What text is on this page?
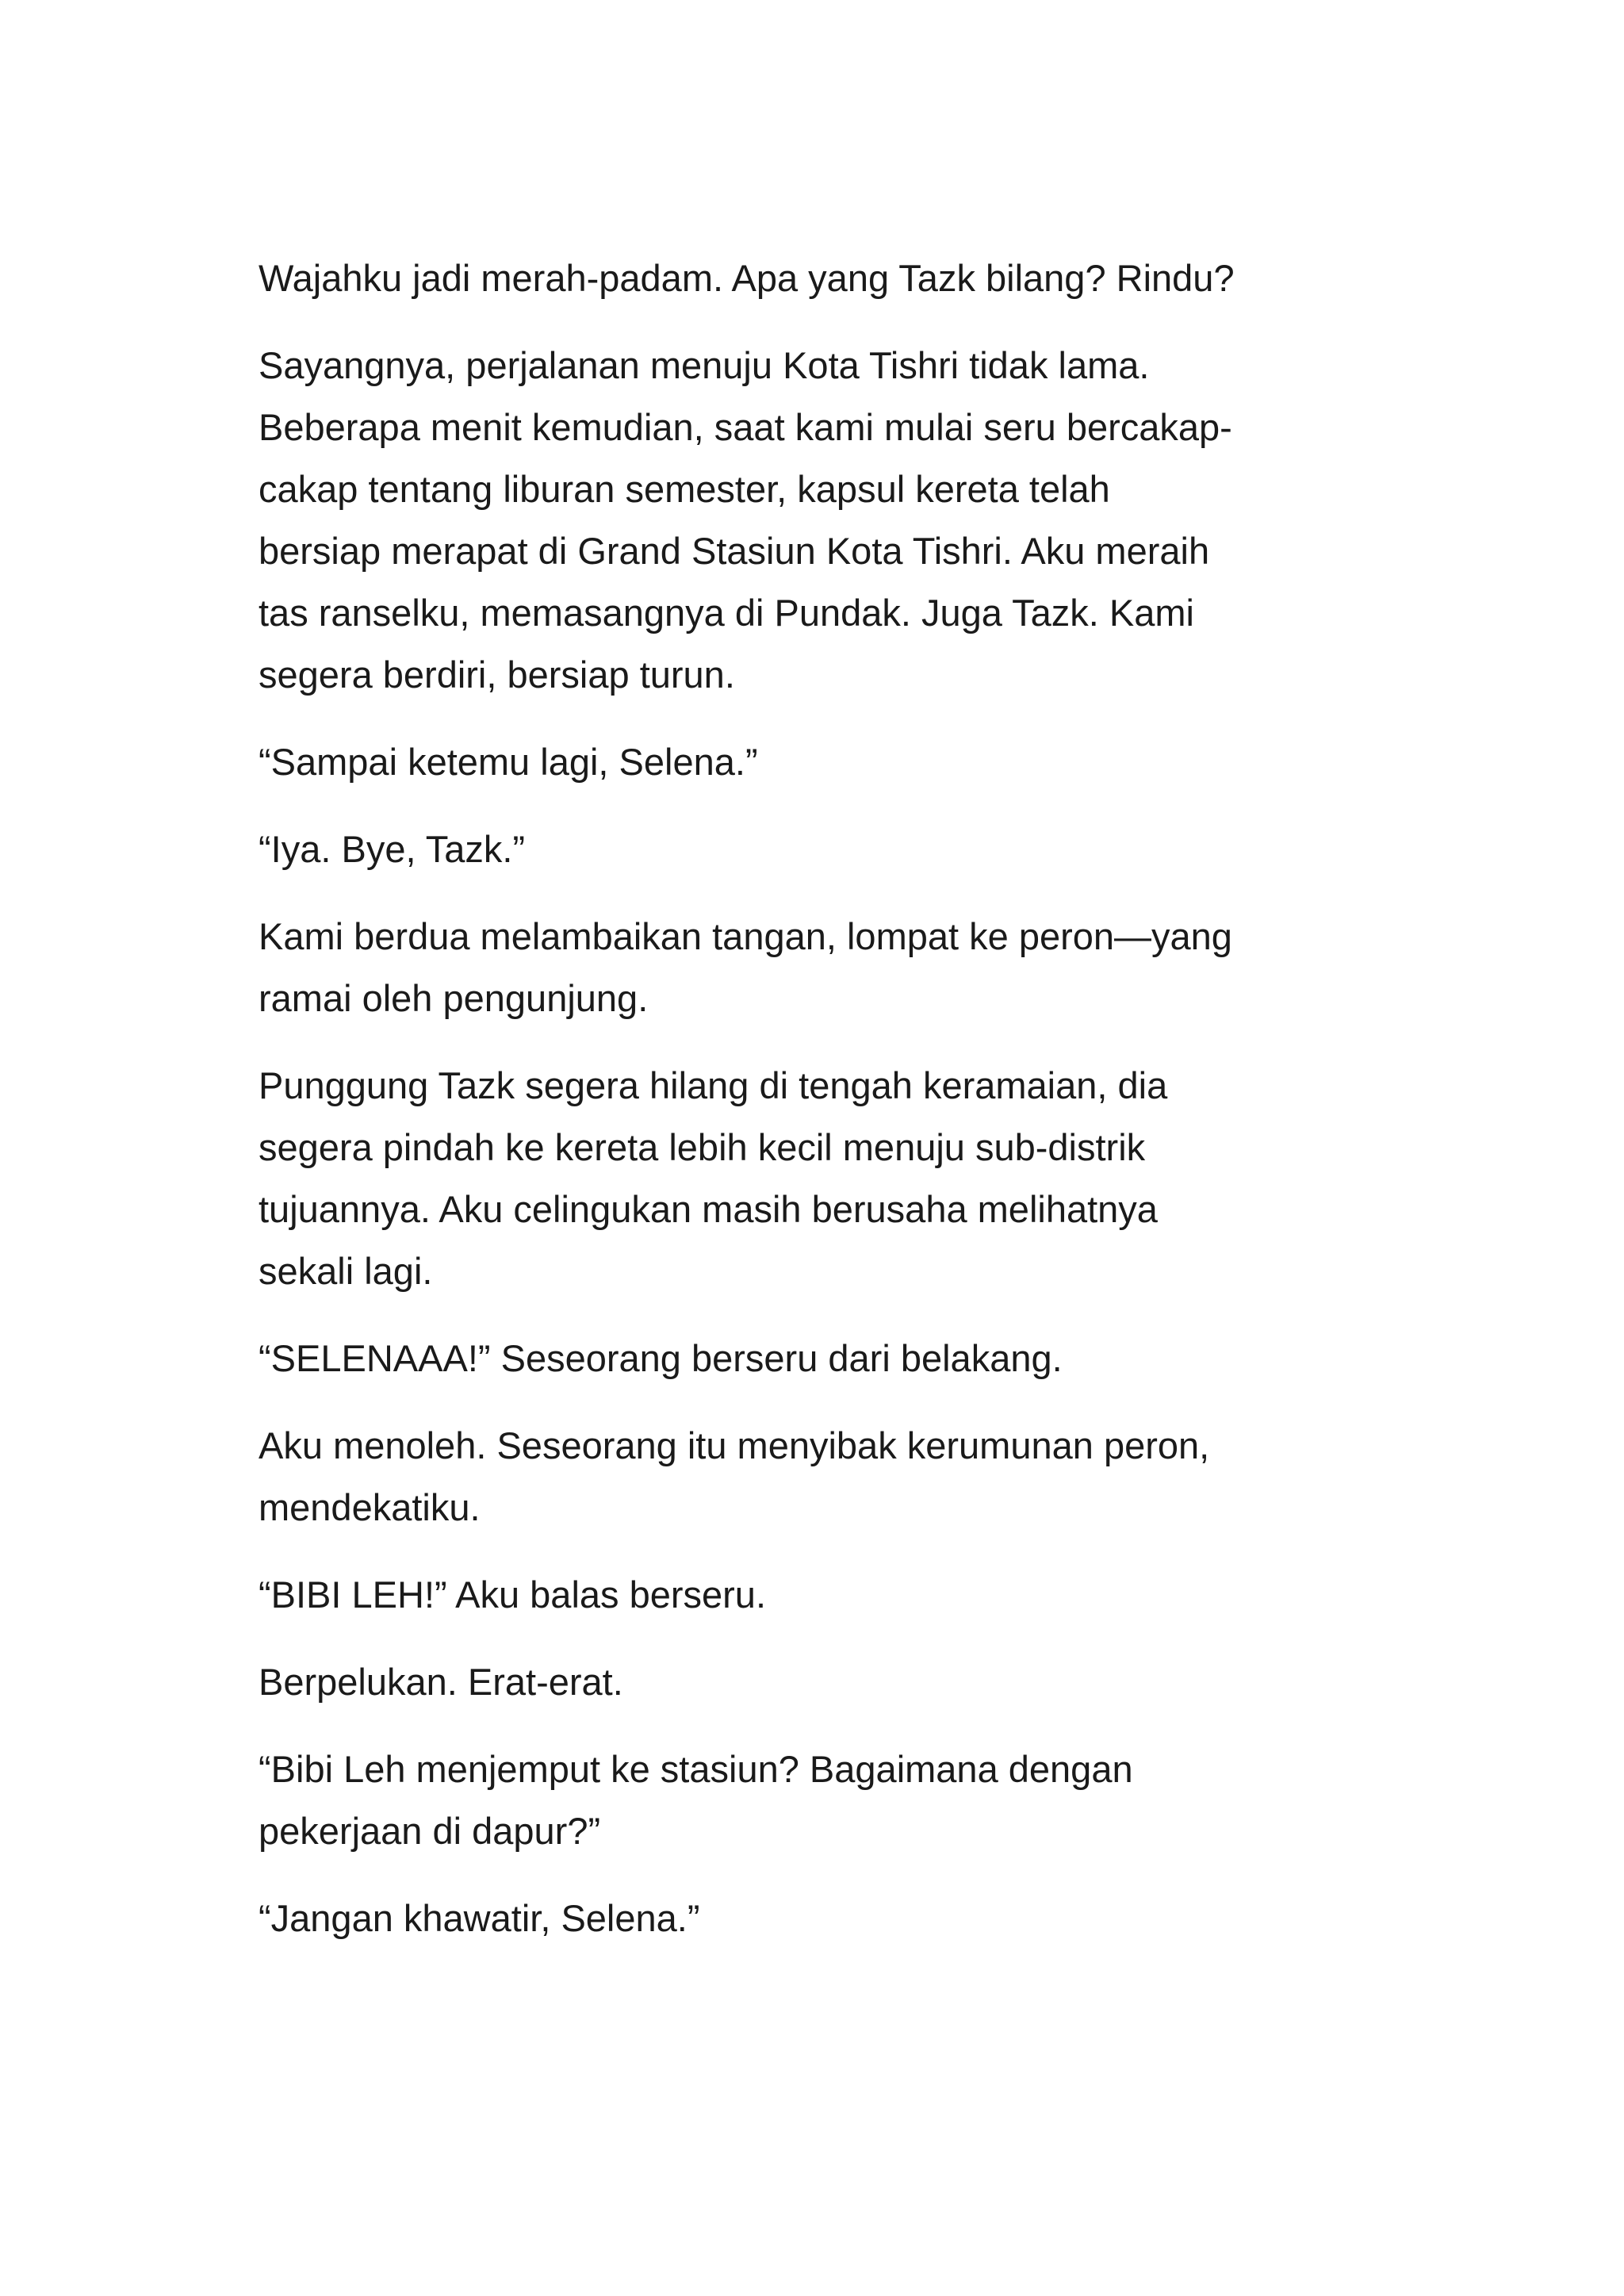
Wajahku jadi merah-padam. Apa yang Tazk bilang? Rindu?

Sayangnya, perjalanan menuju Kota Tishri tidak lama.
Beberapa menit kemudian, saat kami mulai seru bercakap-
cakap tentang liburan semester, kapsul kereta telah
bersiap merapat di Grand Stasiun Kota Tishri. Aku meraih
tas ranselku, memasangnya di Pundak. Juga Tazk. Kami
segera berdiri, bersiap turun.

“Sampai ketemu lagi, Selena.”

“Iya. Bye, Tazk.”

Kami berdua melambaikan tangan, lompat ke peron—yang
ramai oleh pengunjung.

Punggung Tazk segera hilang di tengah keramaian, dia
segera pindah ke kereta lebih kecil menuju sub-distrik
tujuannya. Aku celingukan masih berusaha melihatnya
sekali lagi.

“SELENAAA!” Seseorang berseru dari belakang.

Aku menoleh. Seseorang itu menyibak kerumunan peron,
mendekatiku.

“BIBI LEH!” Aku balas berseru.

Berpelukan. Erat-erat.

“Bibi Leh menjemput ke stasiun? Bagaimana dengan
pekerjaan di dapur?”

“Jangan khawatir, Selena.”
